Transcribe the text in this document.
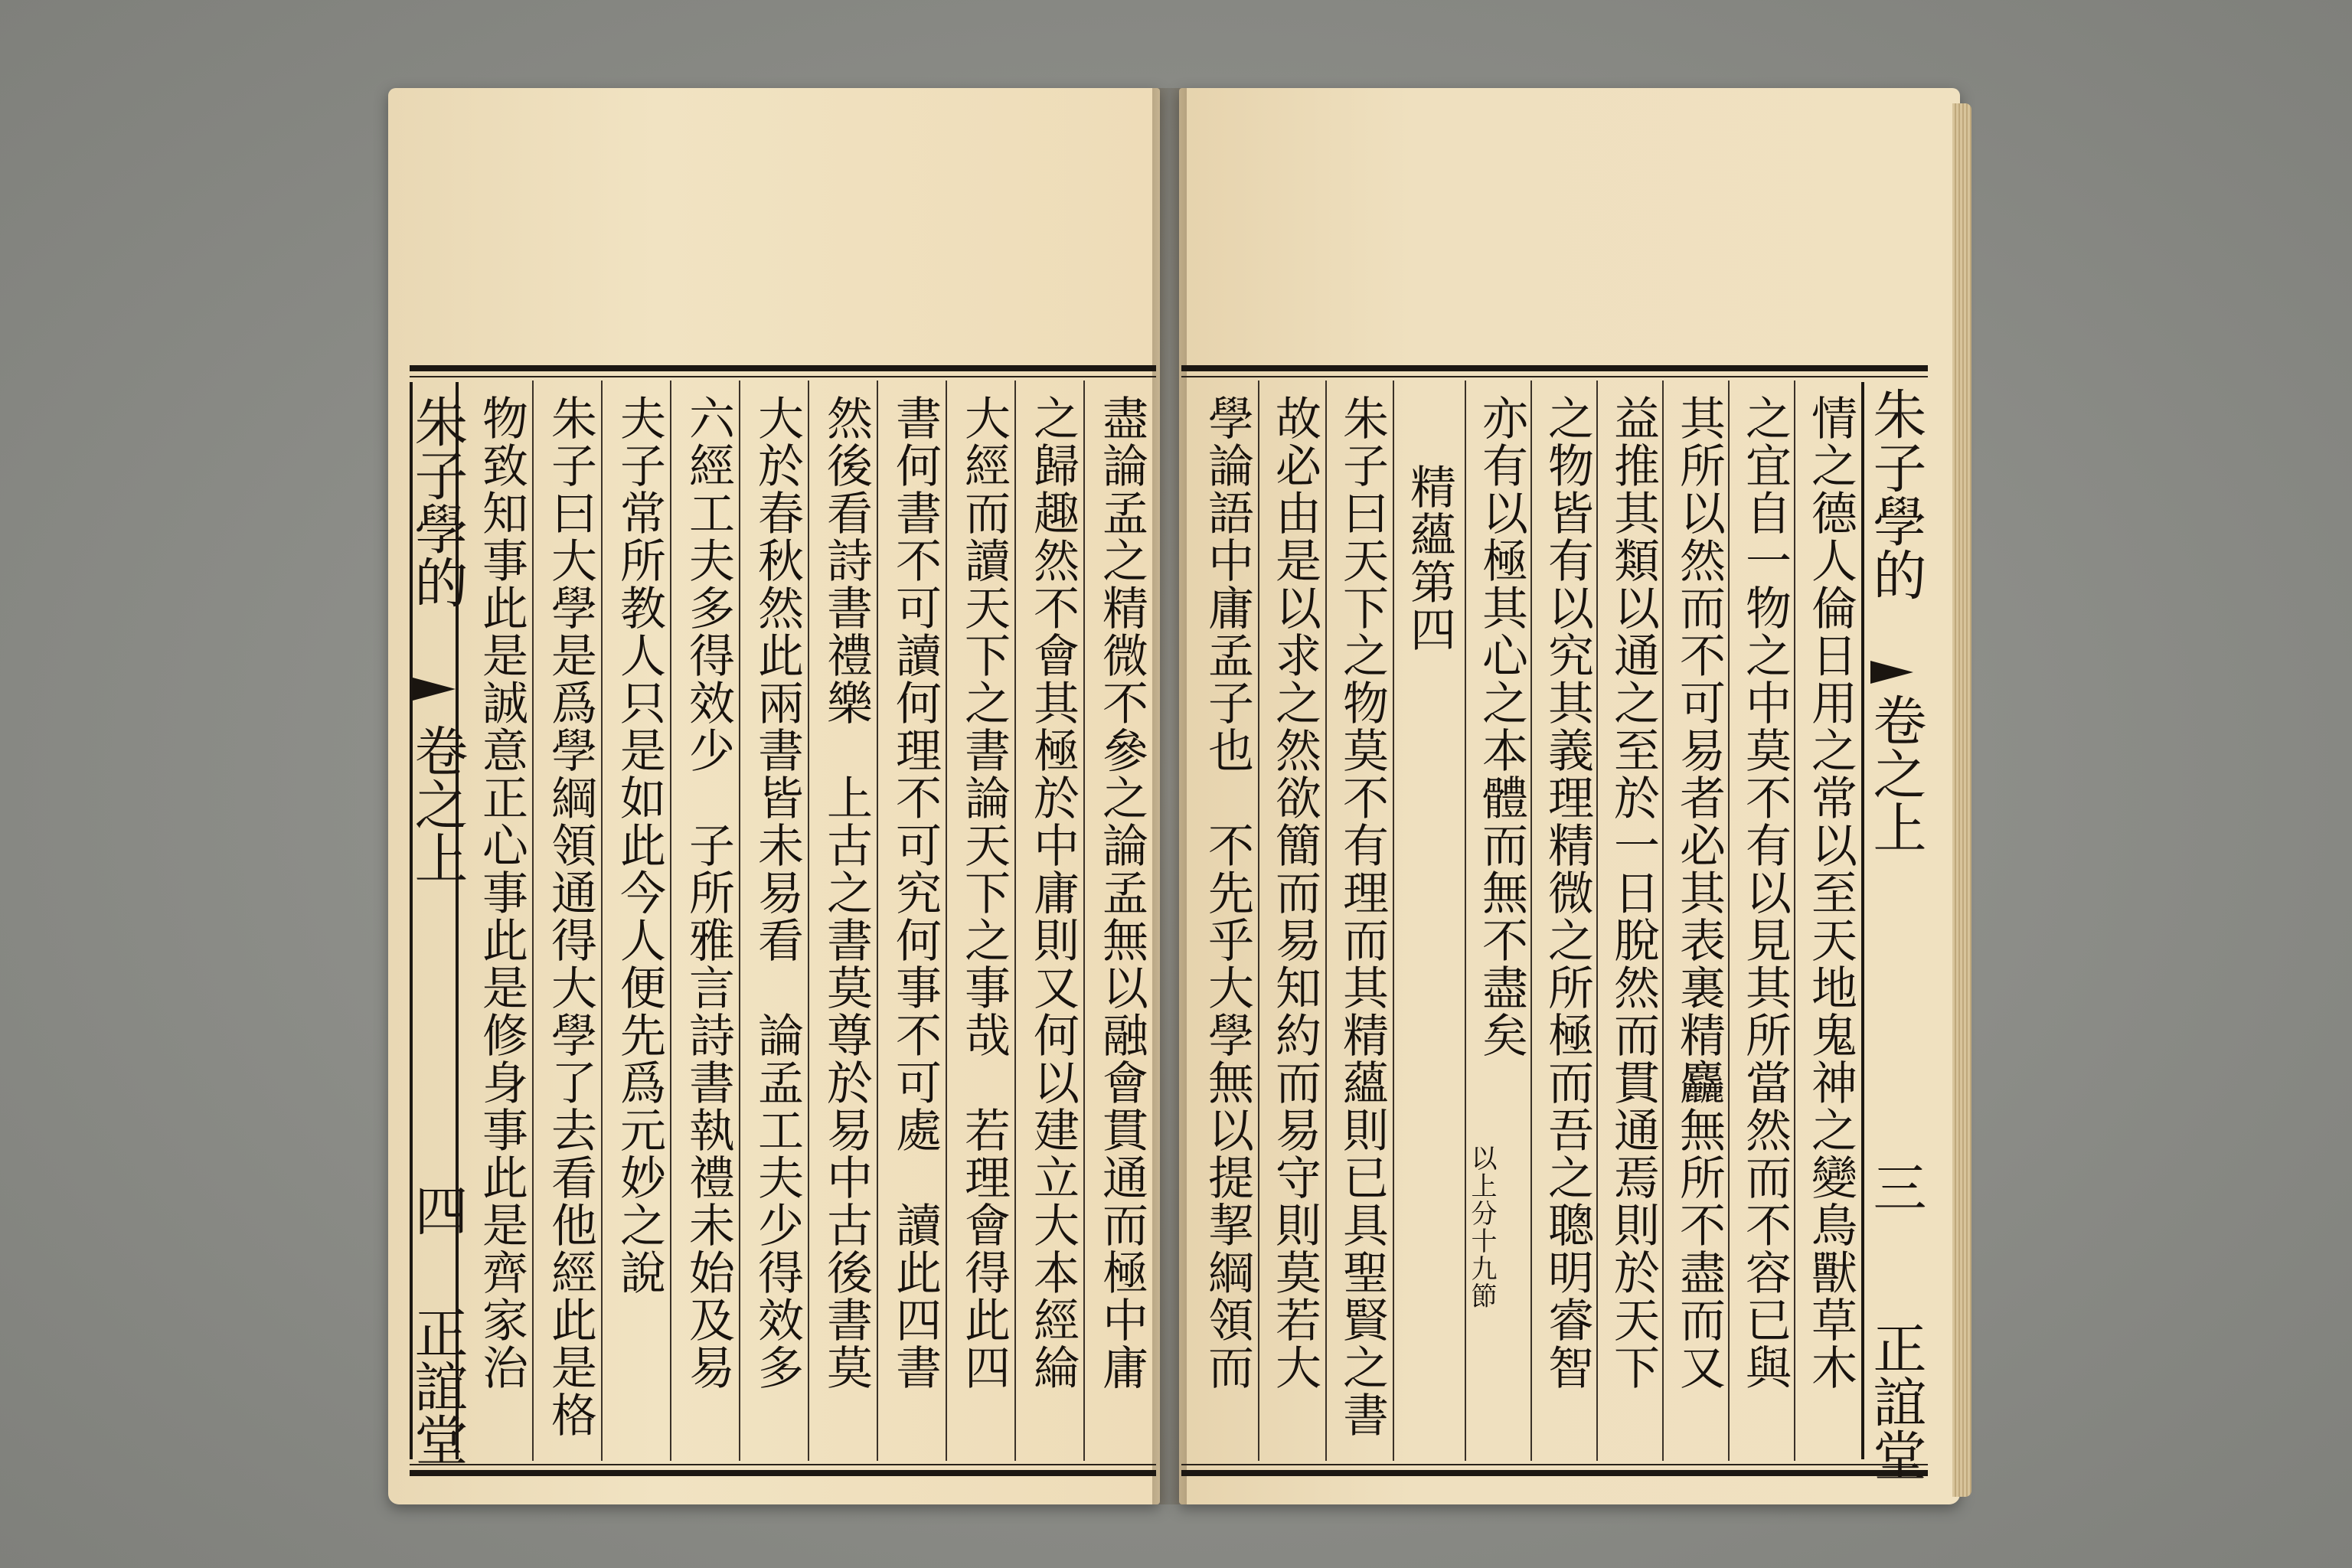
盡論孟之精微不參之論孟無以融會貫通而極中庸
之歸趣然不會其極於中庸則又何以建立大本經綸
大經而讀天下之書論天下之事哉　若理會得此四
書何書不可讀何理不可究何事不可處　讀此四書
然後看詩書禮樂　上古之書莫尊於易中古後書莫
大於春秋然此兩書皆未易看　論孟工夫少得效多
六經工夫多得效少　子所雅言詩書執禮未始及易
夫子常所教人只是如此今人便先爲元妙之說
朱子曰大學是爲學綱領通得大學了去看他經此是格
物致知事此是誠意正心事此是修身事此是齊家治
朱子學的
卷之上
四
正誼堂
朱子學的
卷之上
三
正誼堂
情之德人倫日用之常以至天地鬼神之變鳥獸草木
之宜自一物之中莫不有以見其所當然而不容已與
其所以然而不可易者必其表裏精麤無所不盡而又
益推其類以通之至於一日脫然而貫通焉則於天下
之物皆有以究其義理精微之所極而吾之聰明睿智
亦有以極其心之本體而無不盡矣
以上分十九節
精蘊第四
朱子曰天下之物莫不有理而其精蘊則已具聖賢之書
故必由是以求之然欲簡而易知約而易守則莫若大
學論語中庸孟子也　不先乎大學無以提挈綱領而
